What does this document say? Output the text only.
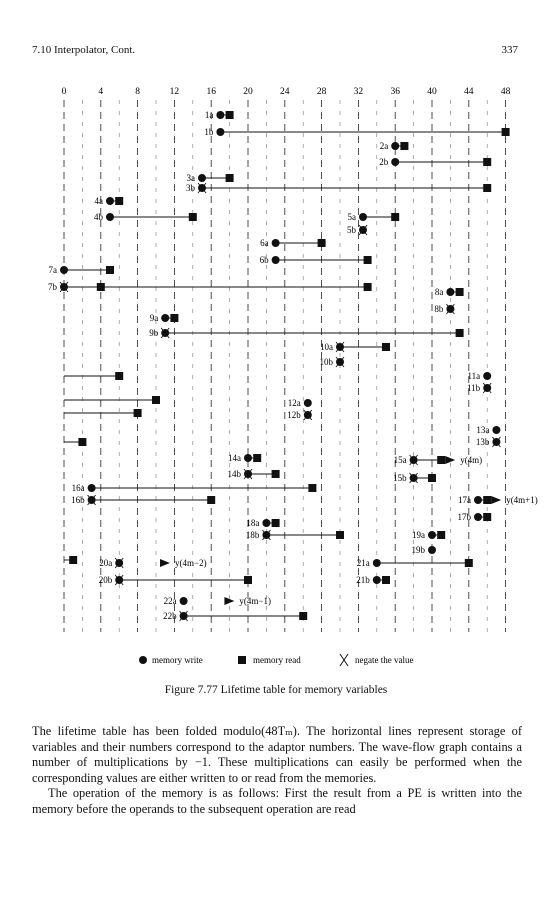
7.10 Interpolator, Cont.	337
0	4	8	12	16	20	24	28	32	36	40	44	48
1a
1b
2a
2b
3a
3b
4a
4b	5a
5b
6a
6b
7a
7b	8a
8b
9a
9b
10a
10b
11a
11b
12a
12b
13a
13b
14a
14b
15a
15b
16a
16b	17a
17b
18a
18b	19a
19b
20a
20b
21a
21b
22a
22b
y(4m)
y(4m+1)
y(4m−2)
y(4m−1)
memory write	memory read	negate the value
Figure 7.77 Lifetime table for memory variables

The lifetime table has been folded modulo(48Tₘ). The horizontal lines represent storage of variables and their numbers correspond to the adaptor numbers. The wave-flow graph contains a number of multiplications by −1. These multiplications can easily be performed when the corresponding values are either written to or read from the memories.

The operation of the memory is as follows: First the result from a PE is written into the memory before the operands to the subsequent operation are read
